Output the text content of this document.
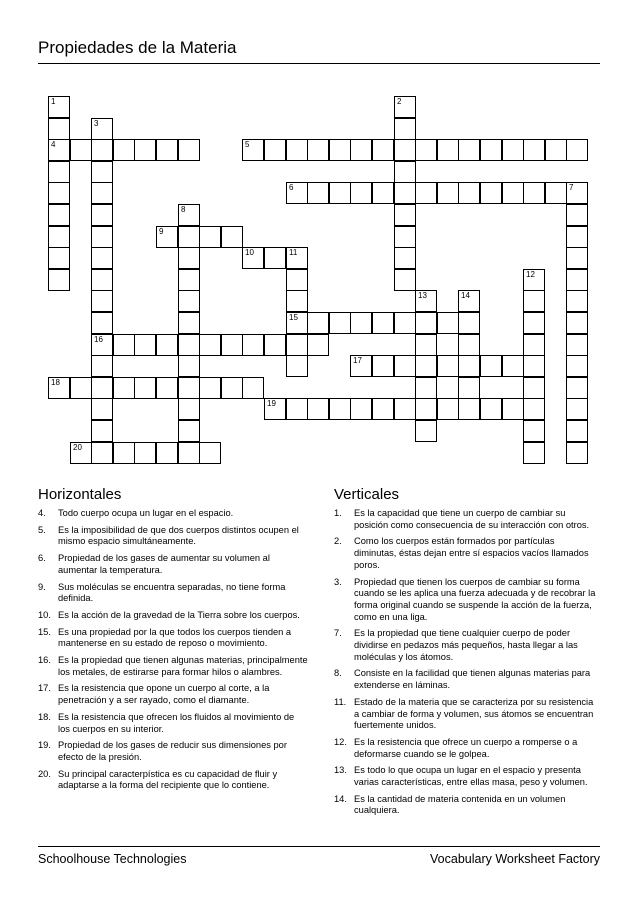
Propiedades de la Materia
4	5
6	7
9
10	11
15
16
17
18
19
20
1	2
3
8
12
13	14
Horizontales
4. Todo cuerpo ocupa un lugar en el espacio.
5. Es la imposibilidad de que dos cuerpos distintos ocupen el mismo espacio simultáneamente.
6. Propiedad de los gases de aumentar su volumen al aumentar la temperatura.
9. Sus moléculas se encuentra separadas, no tiene forma definida.
10. Es la acción de la gravedad de la Tierra sobre los cuerpos.
15. Es una propiedad por la que todos los cuerpos tienden a mantenerse en su estado de reposo o movimiento.
16. Es la propiedad que tienen algunas materias, principalmente los metales, de estirarse para formar hilos o alambres.
17. Es la resistencia que opone un cuerpo al corte, a la penetración y a ser rayado, como el diamante.
18. Es la resistencia que ofrecen los fluidos al movimiento de los cuerpos en su interior.
19. Propiedad de los gases de reducir sus dimensiones por efecto de la presión.
20. Su principal caracterpística es cu capacidad de fluir y adaptarse a la forma del recipiente que lo contiene.
Verticales
1. Es la capacidad que tiene un cuerpo de cambiar su posición como consecuencia de su interacción con otros.
2. Como los cuerpos están formados por partículas diminutas, éstas dejan entre sí espacios vacíos llamados poros.
3. Propiedad que tienen los cuerpos de cambiar su forma cuando se les aplica una fuerza adecuada y de recobrar la forma original cuando se suspende la acción de la fuerza, como en una liga.
7. Es la propiedad que tiene cualquier cuerpo de poder dividirse en pedazos más pequeños, hasta llegar a las moléculas y los átomos.
8. Consiste en la facilidad que tienen algunas materias para extenderse en láminas.
11. Estado de la materia que se caracteriza por su resistencia a cambiar de forma y volumen, sus átomos se encuentran fuertemente unidos.
12. Es la resistencia que ofrece un cuerpo a romperse o a deformarse cuando se le golpea.
13. Es todo lo que ocupa un lugar en el espacio y presenta varias características, entre ellas masa, peso y volumen.
14. Es la cantidad de materia contenida en un volumen cualquiera.
Schoolhouse Technologies	Vocabulary Worksheet Factory
